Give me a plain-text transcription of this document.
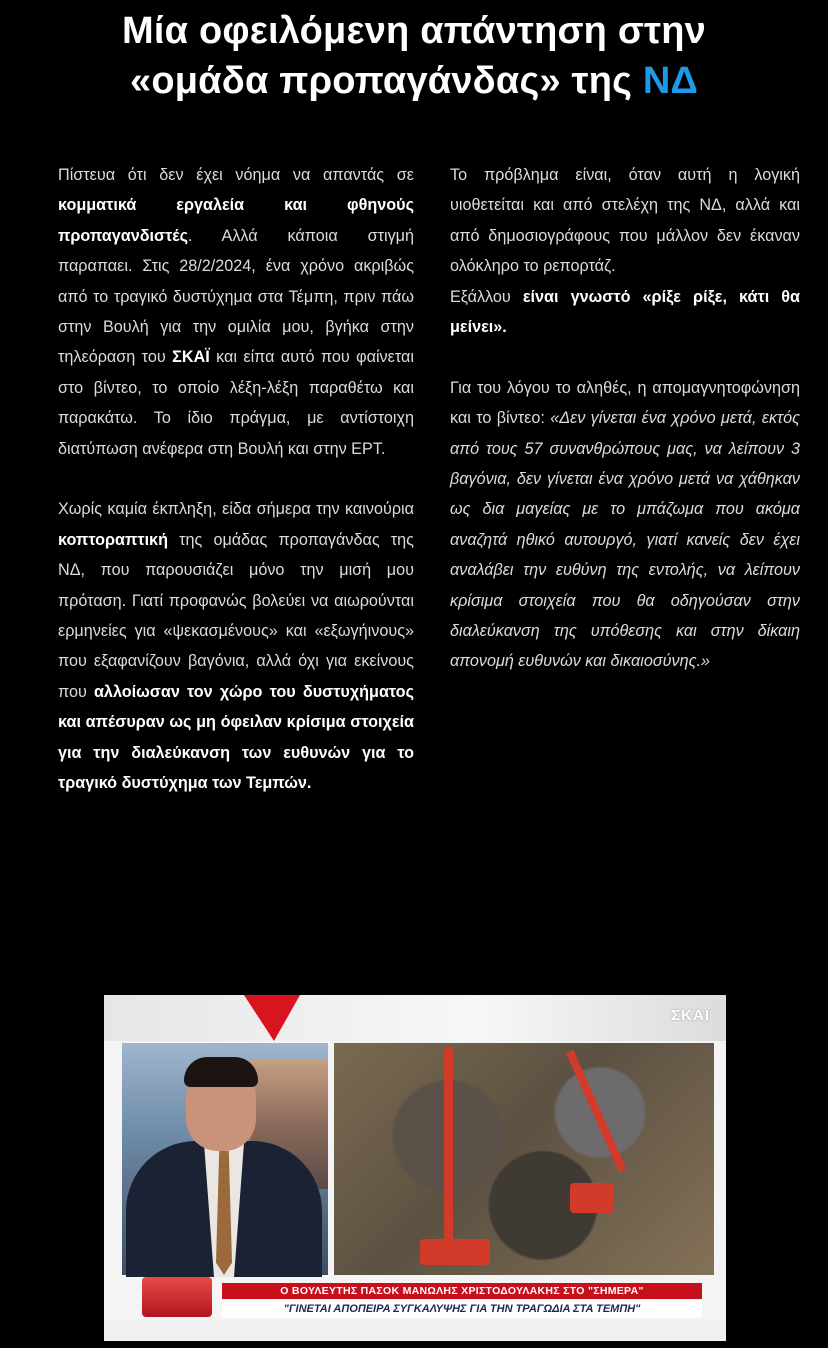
Μία οφειλόμενη απάντηση στην
«ομάδα προπαγάνδας» της ΝΔ

Πίστευα ότι δεν έχει νόημα να απαντάς σε κομματικά εργαλεία και φθηνούς προπαγανδιστές. Αλλά κάποια στιγμή παραπαει. Στις 28/2/2024, ένα χρόνο ακριβώς από το τραγικό δυστύχημα στα Τέμπη, πριν πάω στην Βουλή για την ομιλία μου, βγήκα στην τηλεόραση του ΣΚΑΪ και είπα αυτό που φαίνεται στο βίντεο, το οποίο λέξη-λέξη παραθέτω και παρακάτω. Το ίδιο πράγμα, με αντίστοιχη διατύπωση ανέφερα στη Βουλή και στην ΕΡΤ.

Χωρίς καμία έκπληξη, είδα σήμερα την καινούρια κοπτοραπτική της ομάδας προπαγάνδας της ΝΔ, που παρουσιάζει μόνο την μισή μου πρόταση. Γιατί προφανώς βολεύει να αιωρούνται ερμηνείες για «ψεκασμένους» και «εξωγήινους» που εξαφανίζουν βαγόνια, αλλά όχι για εκείνους που αλλοίωσαν τον χώρο του δυστυχήματος και απέσυραν ως μη όφειλαν κρίσιμα στοιχεία για την διαλεύκανση των ευθυνών για το τραγικό δυστύχημα των Τεμπών.

Το πρόβλημα είναι, όταν αυτή η λογική υιοθετείται και από στελέχη της ΝΔ, αλλά και από δημοσιογράφους που μάλλον δεν έκαναν ολόκληρο το ρεπορτάζ.

Εξάλλου είναι γνωστό «ρίξε ρίξε, κάτι θα μείνει».

Για του λόγου το αληθές, η απομαγνητοφώνηση και το βίντεο: «Δεν γίνεται ένα χρόνο μετά, εκτός από τους 57 συνανθρώπους μας, να λείπουν 3 βαγόνια, δεν γίνεται ένα χρόνο μετά να χάθηκαν ως δια μαγείας με το μπάζωμα που ακόμα αναζητά ηθικό αυτουργό, γιατί κανείς δεν έχει αναλάβει την ευθύνη της εντολής, να λείπουν κρίσιμα στοιχεία που θα οδηγούσαν στην διαλεύκανση της υπόθεσης και στην δίκαιη απονομή ευθυνών και δικαιοσύνης.»

ΣΚΑΪ
Ο ΒΟΥΛΕΥΤΗΣ ΠΑΣΟΚ ΜΑΝΩΛΗΣ ΧΡΙΣΤΟΔΟΥΛΑΚΗΣ ΣΤΟ "ΣΗΜΕΡΑ"
"ΓΙΝΕΤΑΙ ΑΠΟΠΕΙΡΑ ΣΥΓΚΑΛΥΨΗΣ ΓΙΑ ΤΗΝ ΤΡΑΓΩΔΙΑ ΣΤΑ ΤΕΜΠΗ"
